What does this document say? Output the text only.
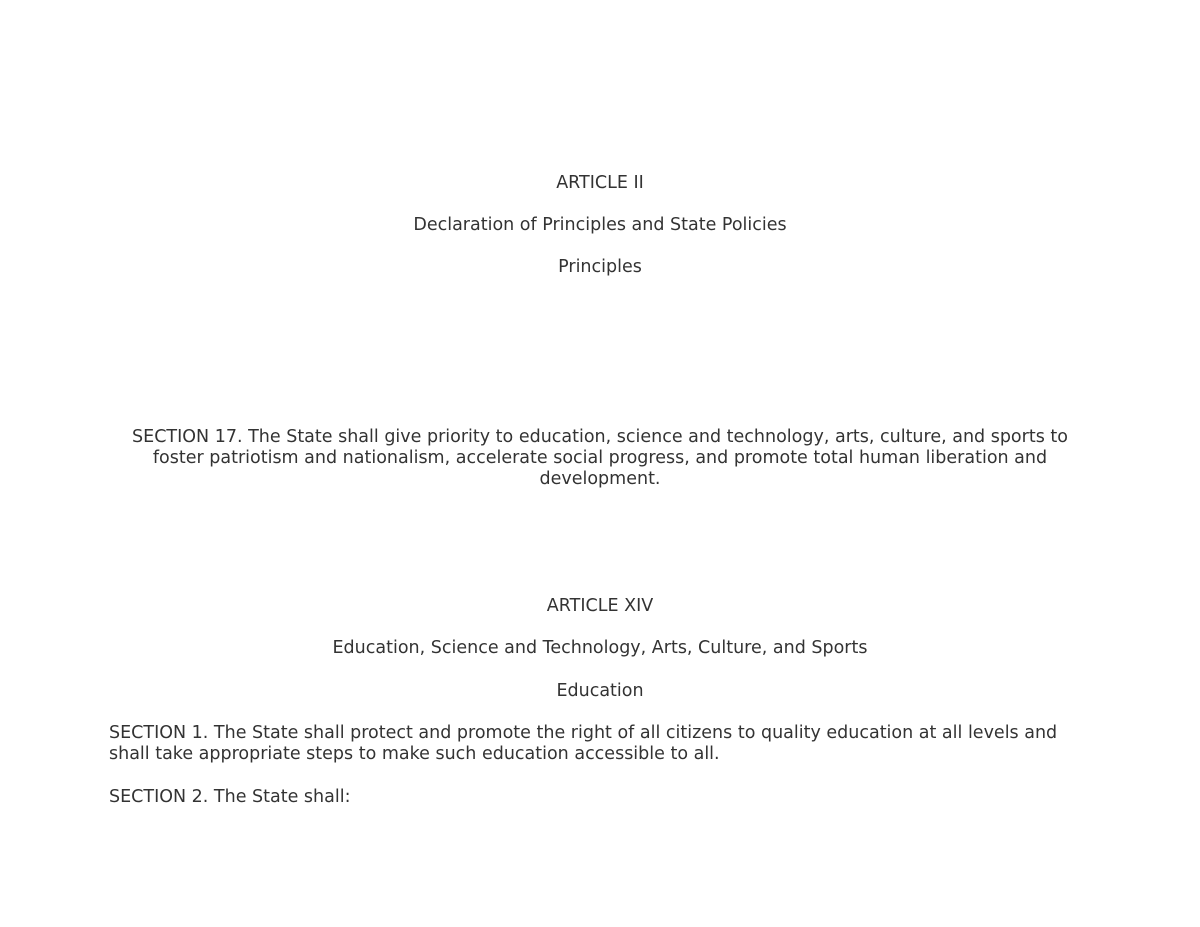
ARTICLE II

Declaration of Principles and State Policies

Principles

SECTION 17. The State shall give priority to education, science and technology, arts, culture, and sports to foster patriotism and nationalism, accelerate social progress, and promote total human liberation and development.

ARTICLE XIV

Education, Science and Technology, Arts, Culture, and Sports

Education

SECTION 1. The State shall protect and promote the right of all citizens to quality education at all levels and shall take appropriate steps to make such education accessible to all.

SECTION 2. The State shall:
